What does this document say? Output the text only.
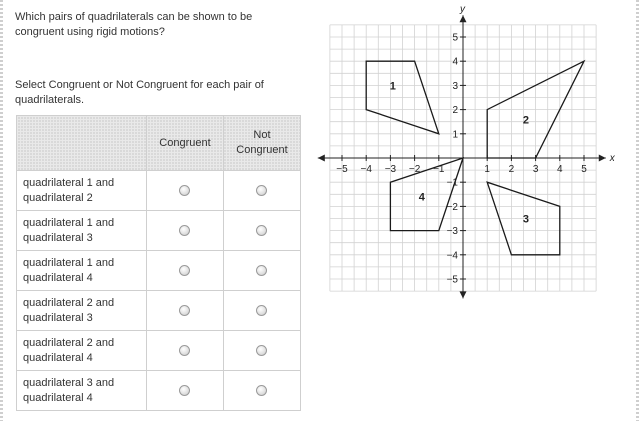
Which pairs of quadrilaterals can be shown to be congruent using rigid motions?
Select Congruent or Not Congruent for each pair of quadrilaterals.
	Congruent	Not Congruent
quadrilateral 1 and quadrilateral 2		
quadrilateral 1 and quadrilateral 3		
quadrilateral 1 and quadrilateral 4		
quadrilateral 2 and quadrilateral 3		
quadrilateral 2 and quadrilateral 4		
quadrilateral 3 and quadrilateral 4		
x
y
−5 −4 −3 −2 −1	1 2 3 4 5
5
4
3
2
1
−1
−2
−3
−4
−5
1
2
3
4
